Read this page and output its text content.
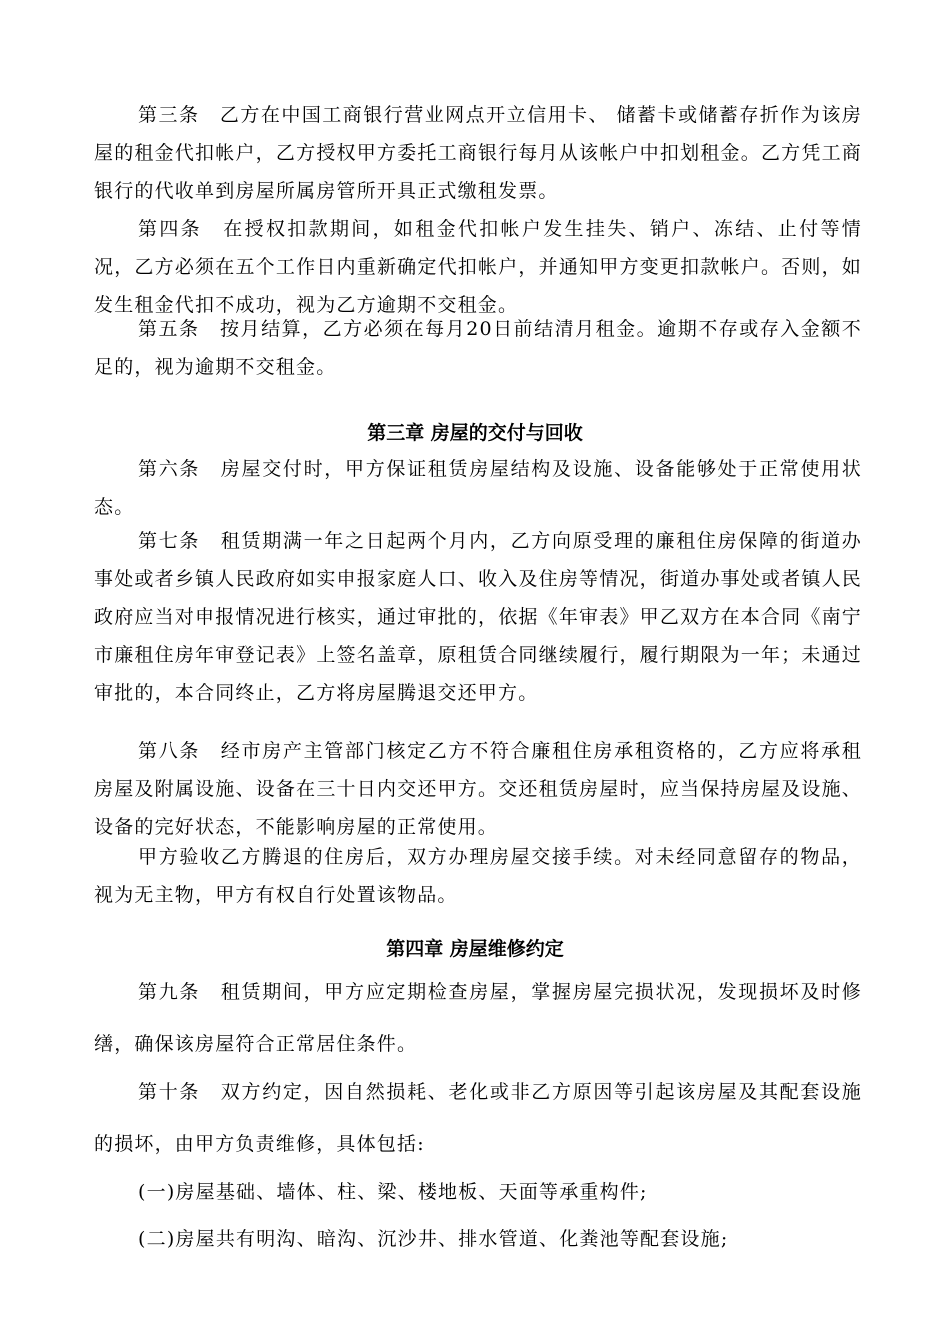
第三条　乙方在中国工商银行营业网点开立信用卡、 储蓄卡或储蓄存折作为该房屋的租金代扣帐户，乙方授权甲方委托工商银行每月从该帐户中扣划租金。乙方凭工商银行的代收单到房屋所属房管所开具正式缴租发票。

第四条　在授权扣款期间，如租金代扣帐户发生挂失、销户、冻结、止付等情况，乙方必须在五个工作日内重新确定代扣帐户，并通知甲方变更扣款帐户。否则，如发生租金代扣不成功，视为乙方逾期不交租金。

第五条　按月结算，乙方必须在每月20日前结清月租金。逾期不存或存入金额不足的，视为逾期不交租金。

第三章 房屋的交付与回收

第六条　房屋交付时，甲方保证租赁房屋结构及设施、设备能够处于正常使用状态。

第七条　租赁期满一年之日起两个月内，乙方向原受理的廉租住房保障的街道办事处或者乡镇人民政府如实申报家庭人口、收入及住房等情况，街道办事处或者镇人民政府应当对申报情况进行核实，通过审批的，依据《年审表》甲乙双方在本合同《南宁市廉租住房年审登记表》上签名盖章，原租赁合同继续履行，履行期限为一年；未通过审批的，本合同终止，乙方将房屋腾退交还甲方。

第八条　经市房产主管部门核定乙方不符合廉租住房承租资格的，乙方应将承租房屋及附属设施、设备在三十日内交还甲方。交还租赁房屋时，应当保持房屋及设施、设备的完好状态，不能影响房屋的正常使用。

甲方验收乙方腾退的住房后，双方办理房屋交接手续。对未经同意留存的物品，视为无主物，甲方有权自行处置该物品。

第四章 房屋维修约定

第九条　租赁期间，甲方应定期检查房屋，掌握房屋完损状况，发现损坏及时修缮，确保该房屋符合正常居住条件。

第十条　双方约定，因自然损耗、老化或非乙方原因等引起该房屋及其配套设施的损坏，由甲方负责维修，具体包括:

(一)房屋基础、墙体、柱、梁、楼地板、天面等承重构件;

(二)房屋共有明沟、暗沟、沉沙井、排水管道、化粪池等配套设施;
